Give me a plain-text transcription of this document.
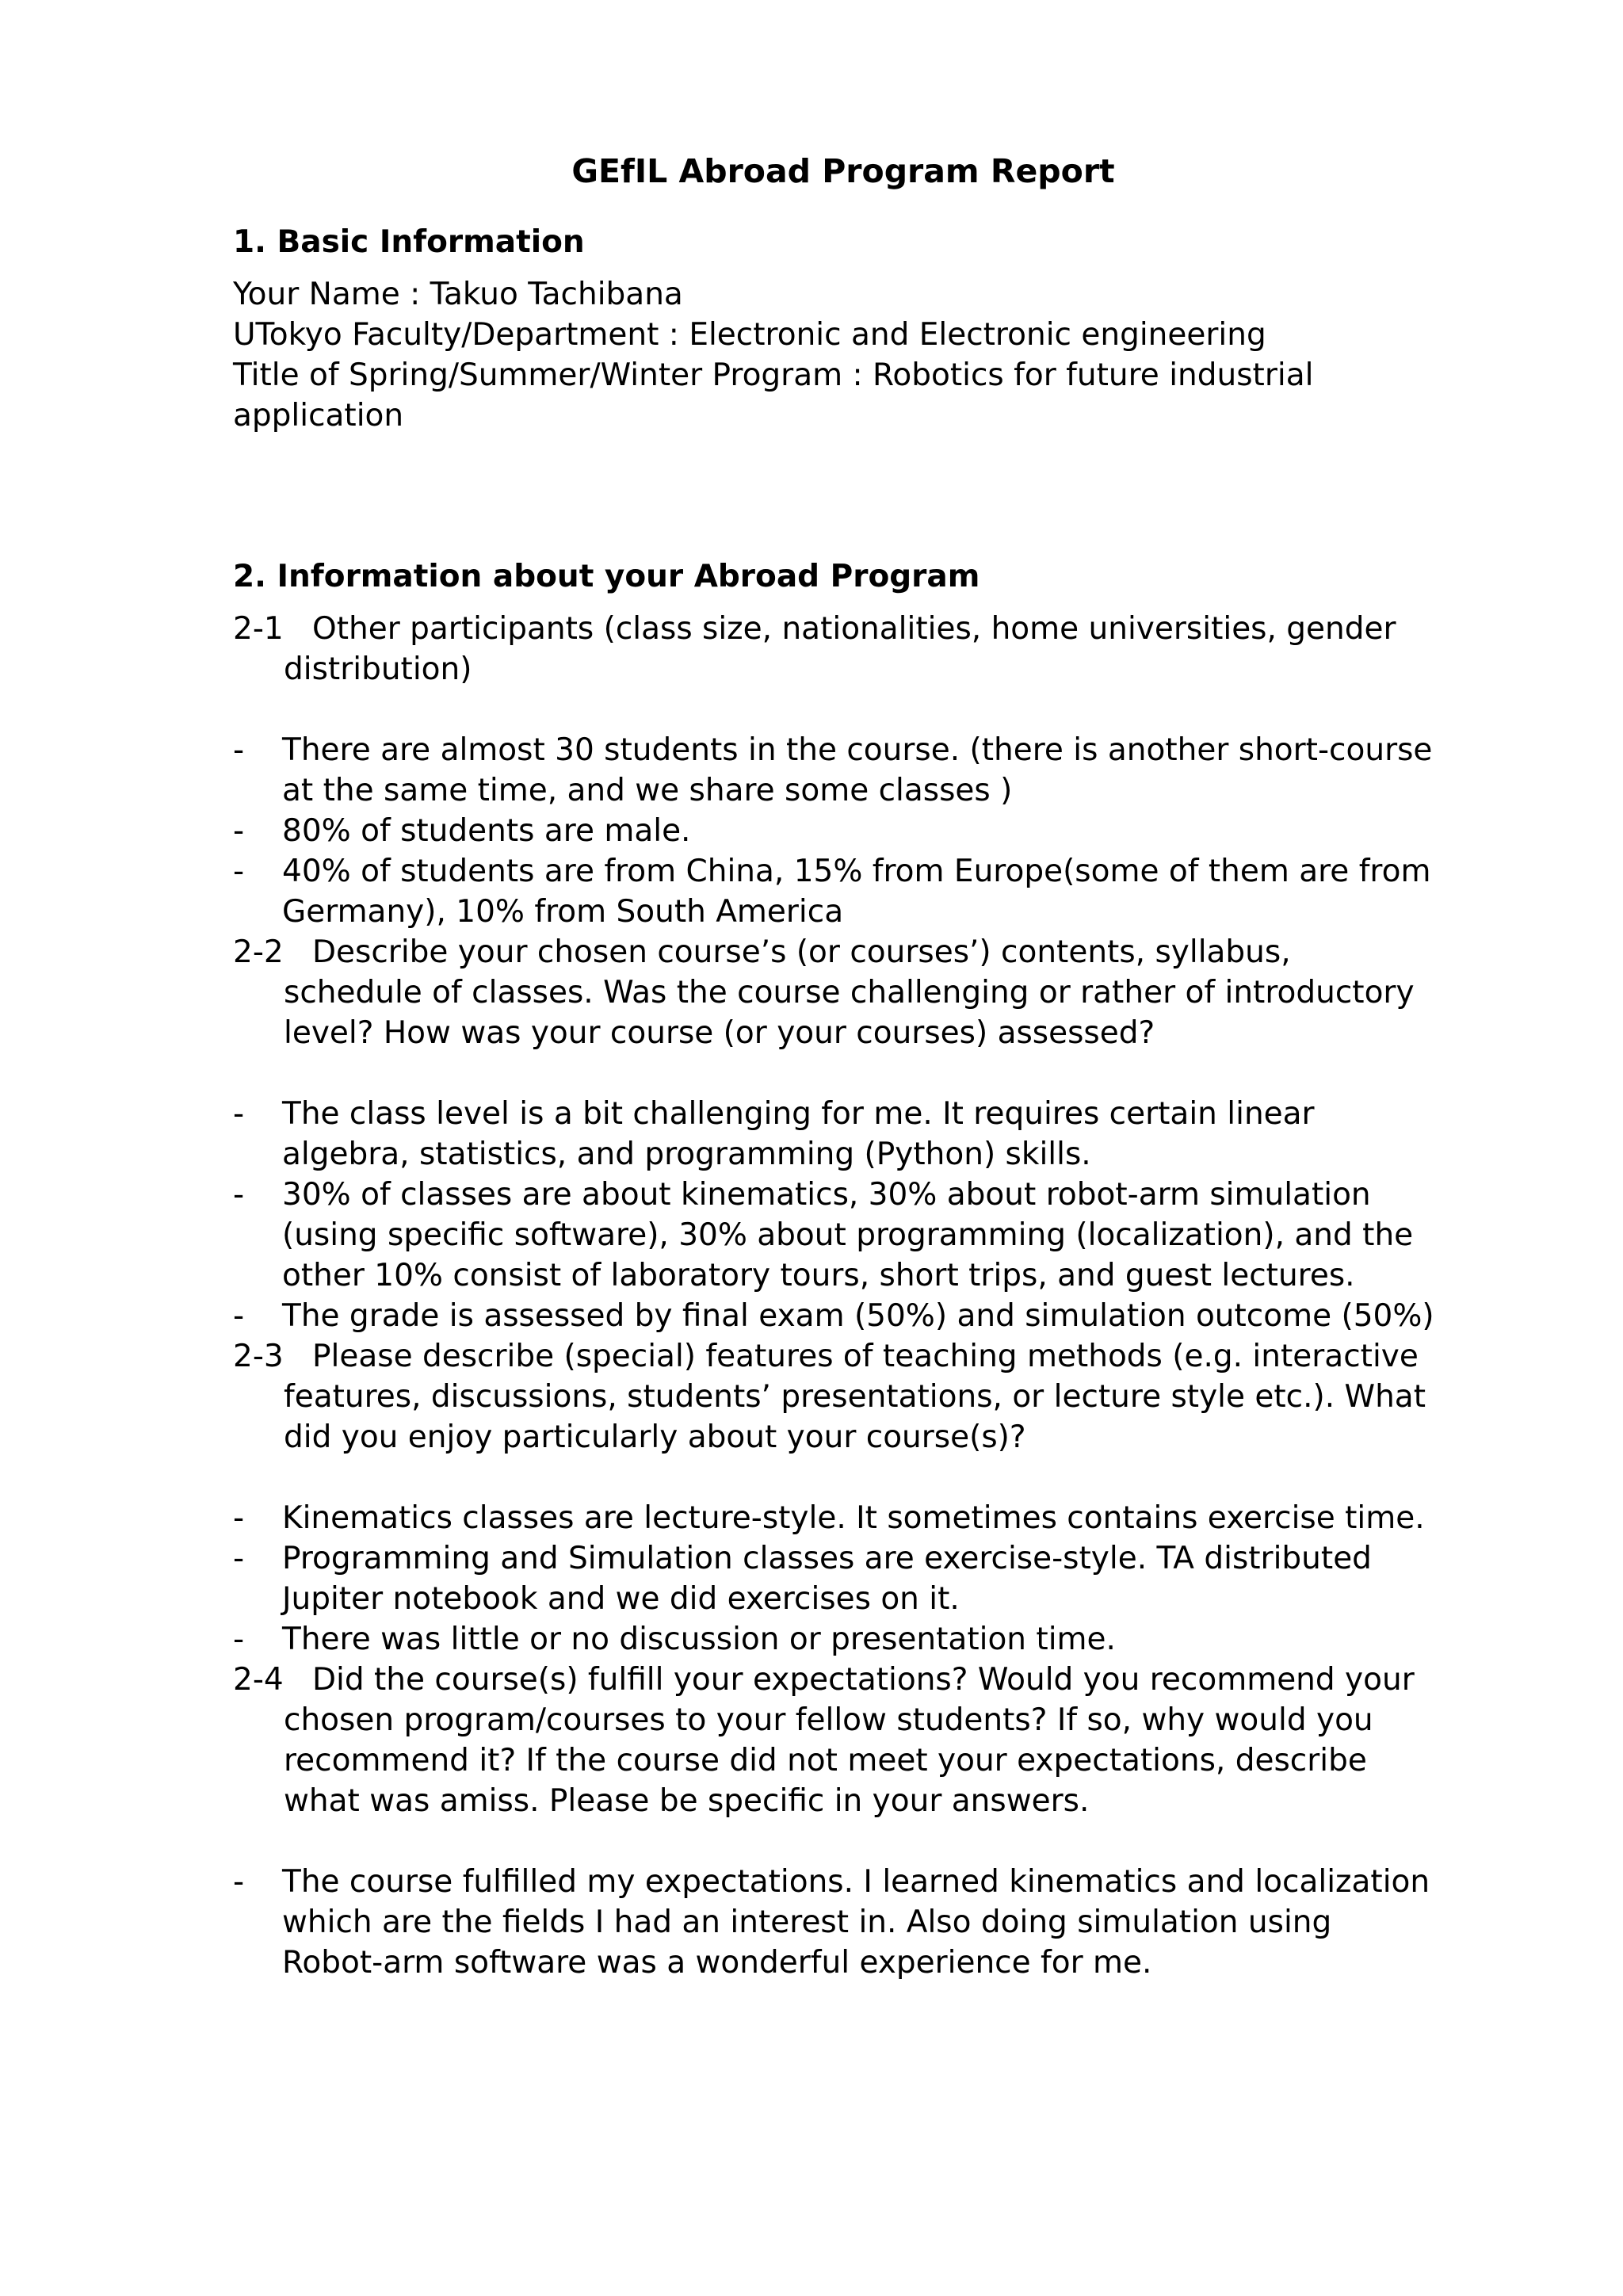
GEfIL Abroad Program Report
1. Basic Information

Your Name : Takuo Tachibana

UTokyo Faculty/Department : Electronic and Electronic engineering

Title of Spring/Summer/Winter Program : Robotics for future industrial application

2. Information about your Abroad Program
2-1 Other participants (class size, nationalities, home universities, gender distribution)
- There are almost 30 students in the course. (there is another short-course at the same time, and we share some classes )
- 80% of students are male.
- 40% of students are from China, 15% from Europe(some of them are from Germany), 10% from South America
2-2 Describe your chosen course’s (or courses’) contents, syllabus, schedule of classes. Was the course challenging or rather of introductory level? How was your course (or your courses) assessed?
- The class level is a bit challenging for me. It requires certain linear algebra, statistics, and programming (Python) skills.
- 30% of classes are about kinematics, 30% about robot-arm simulation (using specific software), 30% about programming (localization), and the other 10% consist of laboratory tours, short trips, and guest lectures.
- The grade is assessed by final exam (50%) and simulation outcome (50%)
2-3 Please describe (special) features of teaching methods (e.g. interactive features, discussions, students’ presentations, or lecture style etc.). What did you enjoy particularly about your course(s)?
- Kinematics classes are lecture-style. It sometimes contains exercise time.
- Programming and Simulation classes are exercise-style. TA distributed Jupiter notebook and we did exercises on it.
- There was little or no discussion or presentation time.
2-4 Did the course(s) fulfill your expectations? Would you recommend your chosen program/courses to your fellow students? If so, why would you recommend it? If the course did not meet your expectations, describe what was amiss. Please be specific in your answers.
- The course fulfilled my expectations. I learned kinematics and localization which are the fields I had an interest in. Also doing simulation using Robot-arm software was a wonderful experience for me.
